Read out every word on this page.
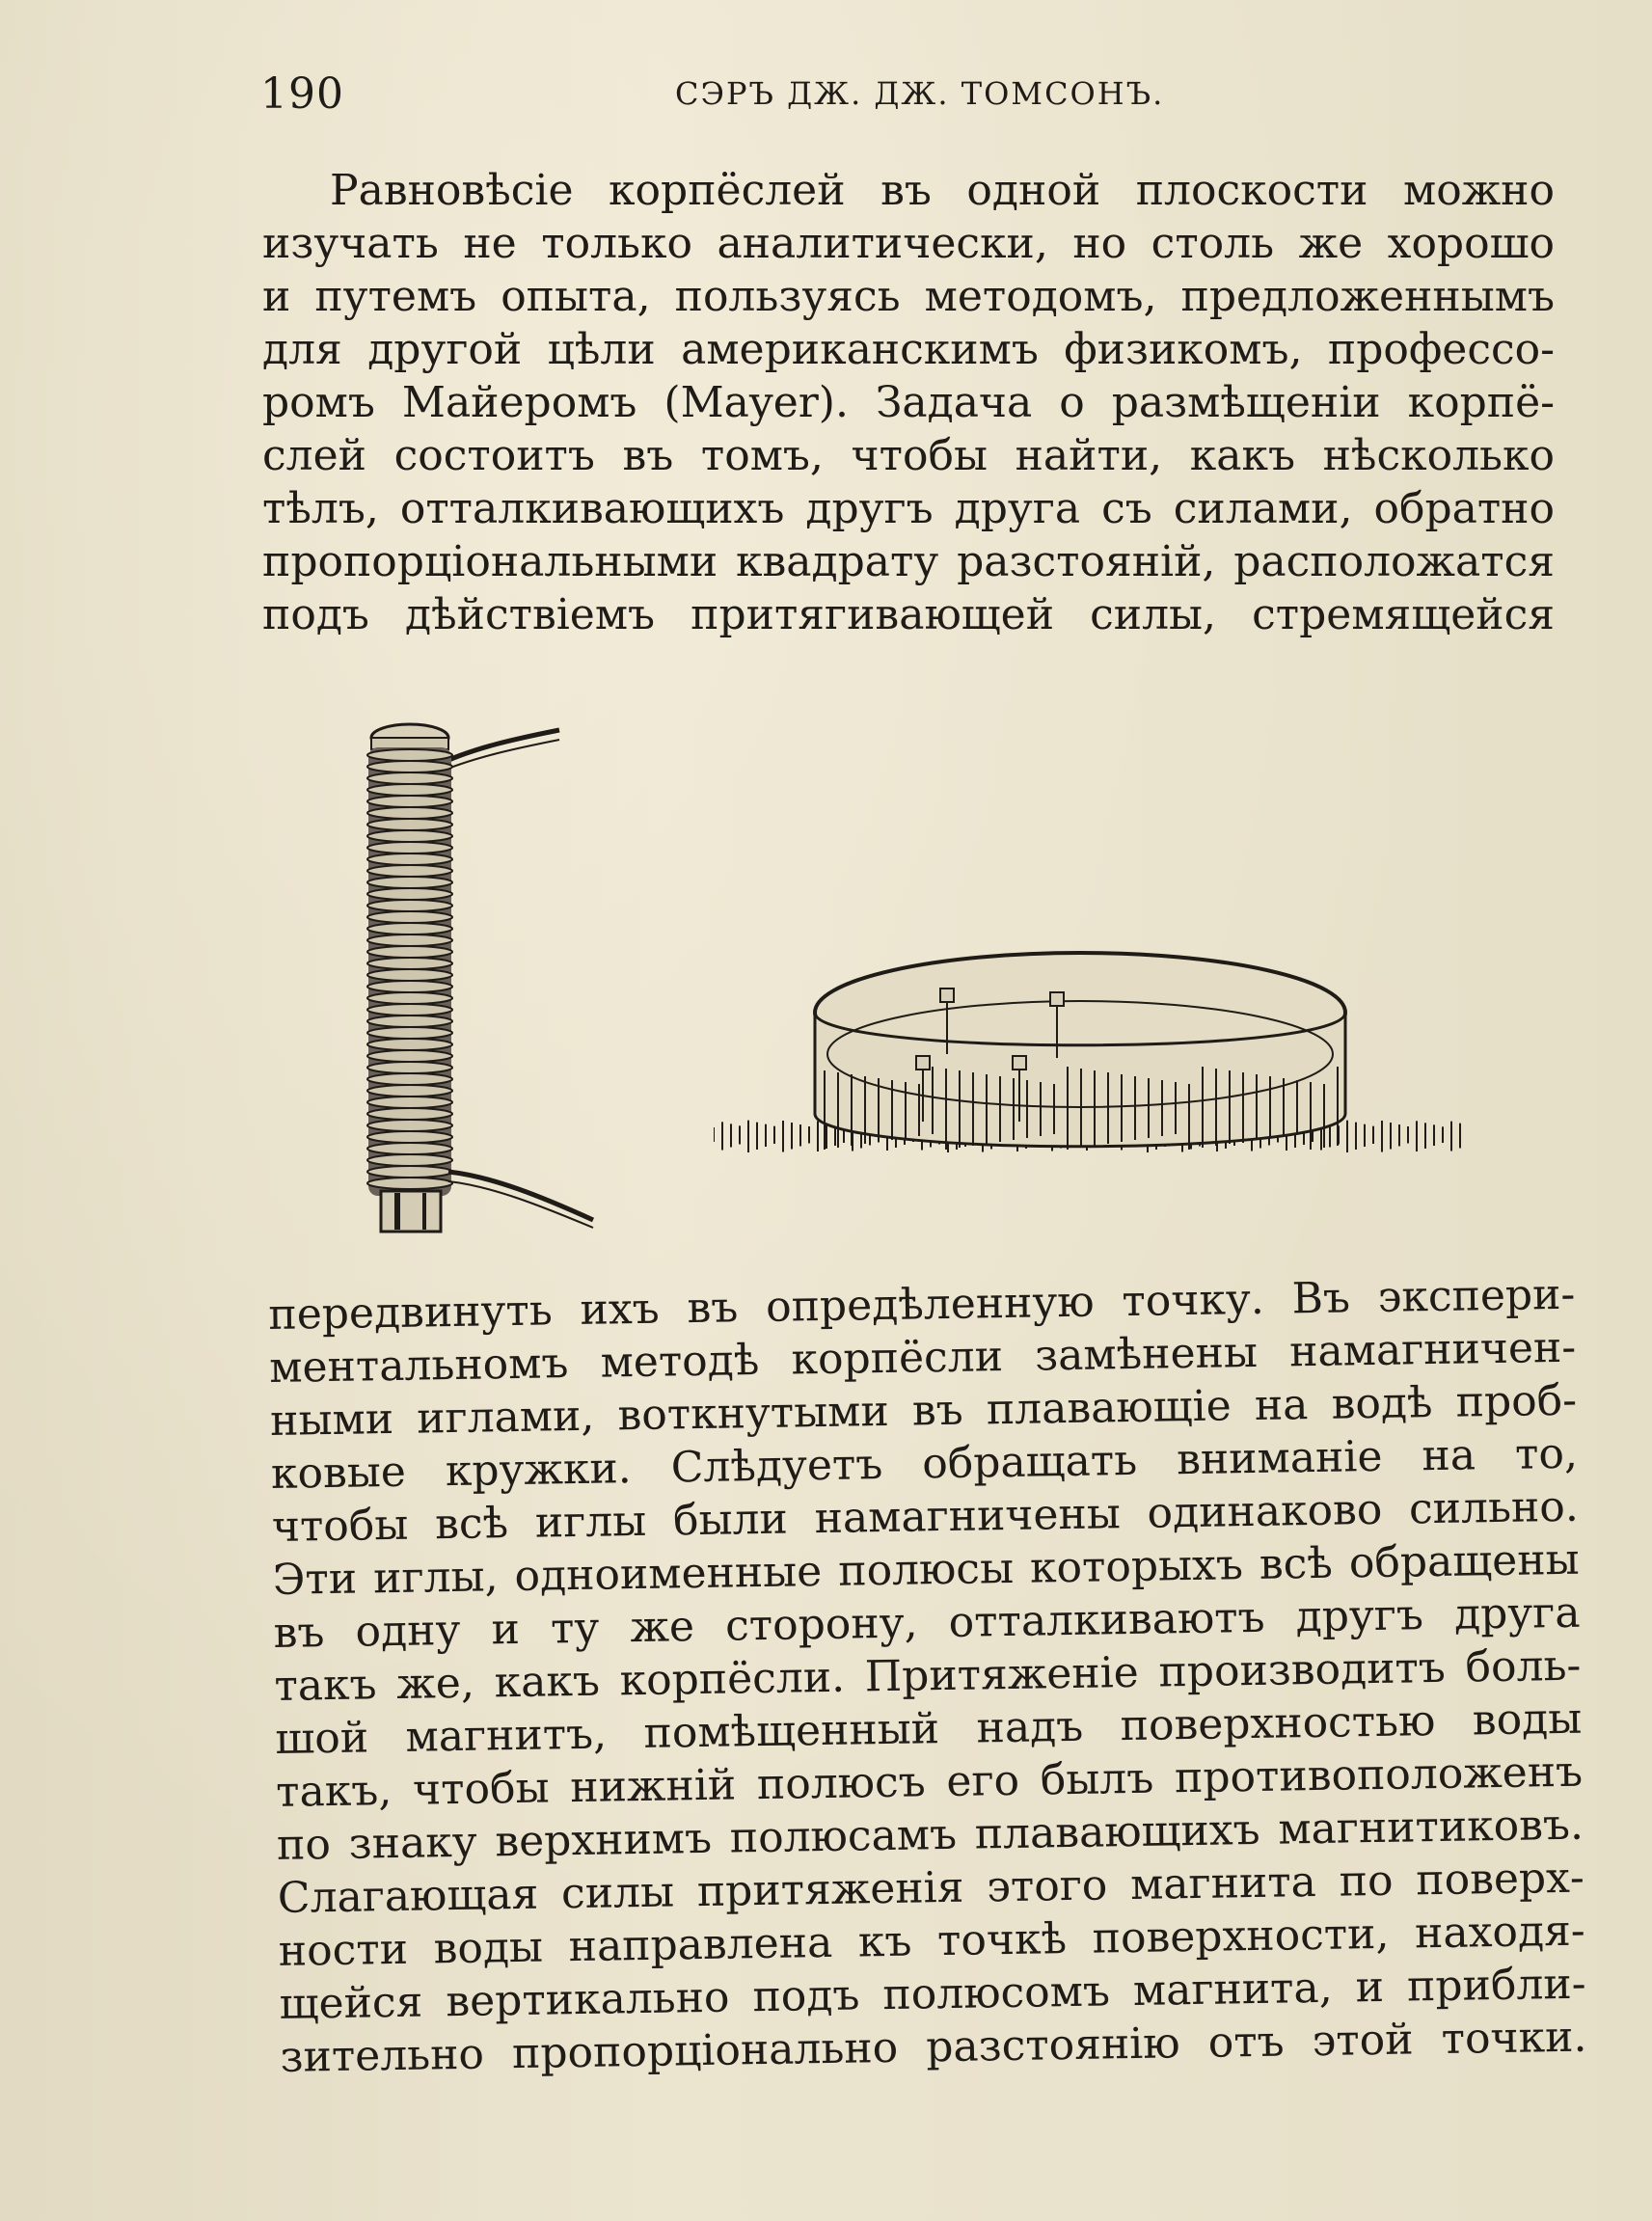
190	СЭРЪ ДЖ. ДЖ. ТОМСОНЪ.

Равновѣсіе корпёслей въ одной плоскости можно
изучать не только аналитически, но столь же хорошо
и путемъ опыта, пользуясь методомъ, предложеннымъ
для другой цѣли американскимъ физикомъ, профессо-
ромъ Майеромъ (Mayer). Задача о размѣщеніи корпё-
слей состоитъ въ томъ, чтобы найти, какъ нѣсколько
тѣлъ, отталкивающихъ другъ друга съ силами, обратно
пропорціональными квадрату разстояній, расположатся
подъ дѣйствіемъ притягивающей силы, стремящейся

передвинуть ихъ въ опредѣленную точку. Въ экспери-
ментальномъ методѣ корпёсли замѣнены намагничен-
ными иглами, воткнутыми въ плавающіе на водѣ проб-
ковые кружки. Слѣдуетъ обращать вниманіе на то,
чтобы всѣ иглы были намагничены одинаково сильно.
Эти иглы, одноименные полюсы которыхъ всѣ обращены
въ одну и ту же сторону, отталкиваютъ другъ друга
такъ же, какъ корпёсли. Притяженіе производитъ боль-
шой магнитъ, помѣщенный надъ поверхностью воды
такъ, чтобы нижній полюсъ его былъ противоположенъ
по знаку верхнимъ полюсамъ плавающихъ магнитиковъ.
Слагающая силы притяженія этого магнита по поверх-
ности воды направлена къ точкѣ поверхности, находя-
щейся вертикально подъ полюсомъ магнита, и прибли-
зительно пропорціонально разстоянію отъ этой точки.
